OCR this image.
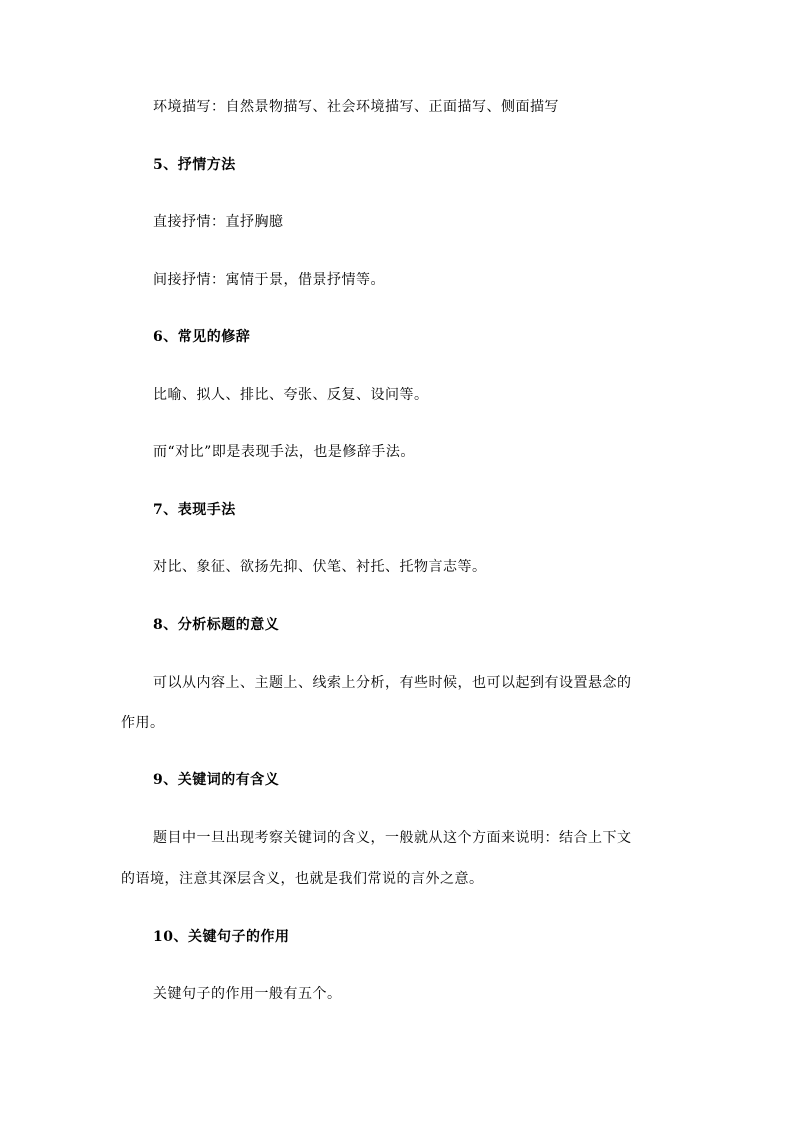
环境描写：自然景物描写、社会环境描写、正面描写、侧面描写
5、抒情方法
直接抒情：直抒胸臆
间接抒情：寓情于景，借景抒情等。
6、常见的修辞
比喻、拟人、排比、夸张、反复、设问等。
而“对比”即是表现手法，也是修辞手法。
7、表现手法
对比、象征、欲扬先抑、伏笔、衬托、托物言志等。
8、分析标题的意义
可以从内容上、主题上、线索上分析，有些时候，也可以起到有设置悬念的
作用。
9、关键词的有含义
题目中一旦出现考察关键词的含义，一般就从这个方面来说明：结合上下文
的语境，注意其深层含义，也就是我们常说的言外之意。
10、关键句子的作用
关键句子的作用一般有五个。
